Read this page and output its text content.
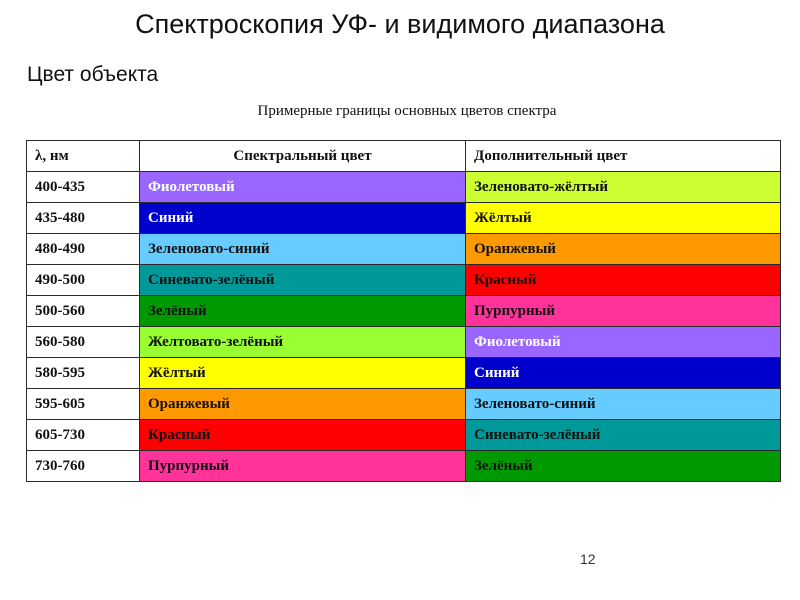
Спектроскопия УФ- и видимого диапазона
Цвет объекта
Примерные границы основных цветов спектра
λ, нм	Спектральный цвет	Дополнительный цвет
400-435	Фиолетовый	Зеленовато-жёлтый
435-480	Синий	Жёлтый
480-490	Зеленовато-синий	Оранжевый
490-500	Синевато-зелёный	Красный
500-560	Зелёный	Пурпурный
560-580	Желтовато-зелёный	Фиолетовый
580-595	Жёлтый	Синий
595-605	Оранжевый	Зеленовато-синий
605-730	Красный	Синевато-зелёный
730-760	Пурпурный	Зелёный
12
